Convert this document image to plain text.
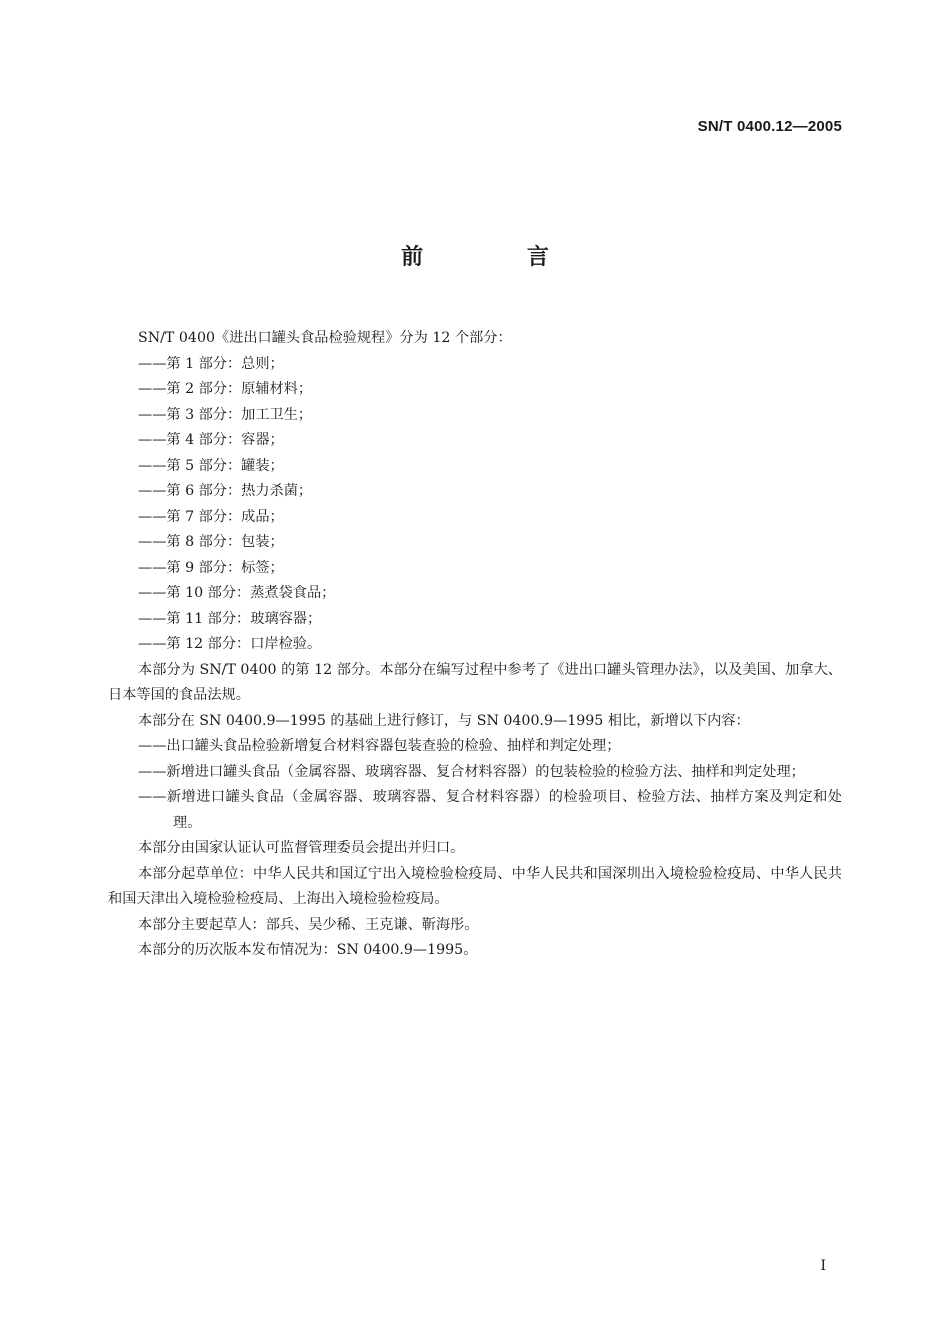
SN/T 0400.12—2005
前 言

SN/T 0400《进出口罐头食品检验规程》分为 12 个部分：

——第 1 部分：总则；

——第 2 部分：原辅材料；

——第 3 部分：加工卫生；

——第 4 部分：容器；

——第 5 部分：罐装；

——第 6 部分：热力杀菌；

——第 7 部分：成品；

——第 8 部分：包装；

——第 9 部分：标签；

——第 10 部分：蒸煮袋食品；

——第 11 部分：玻璃容器；

——第 12 部分：口岸检验。

本部分为 SN/T 0400 的第 12 部分。本部分在编写过程中参考了《进出口罐头管理办法》，以及美国、加拿大、日本等国的食品法规。

本部分在 SN 0400.9—1995 的基础上进行修订，与 SN 0400.9—1995 相比，新增以下内容：

——出口罐头食品检验新增复合材料容器包装查验的检验、抽样和判定处理；

——新增进口罐头食品（金属容器、玻璃容器、复合材料容器）的包装检验的检验方法、抽样和判定处理；

——新增进口罐头食品（金属容器、玻璃容器、复合材料容器）的检验项目、检验方法、抽样方案及判定和处理。

本部分由国家认证认可监督管理委员会提出并归口。

本部分起草单位：中华人民共和国辽宁出入境检验检疫局、中华人民共和国深圳出入境检验检疫局、中华人民共和国天津出入境检验检疫局、上海出入境检验检疫局。

本部分主要起草人：部兵、吴少稀、王克谦、靳海彤。

本部分的历次版本发布情况为：SN 0400.9—1995。

I
